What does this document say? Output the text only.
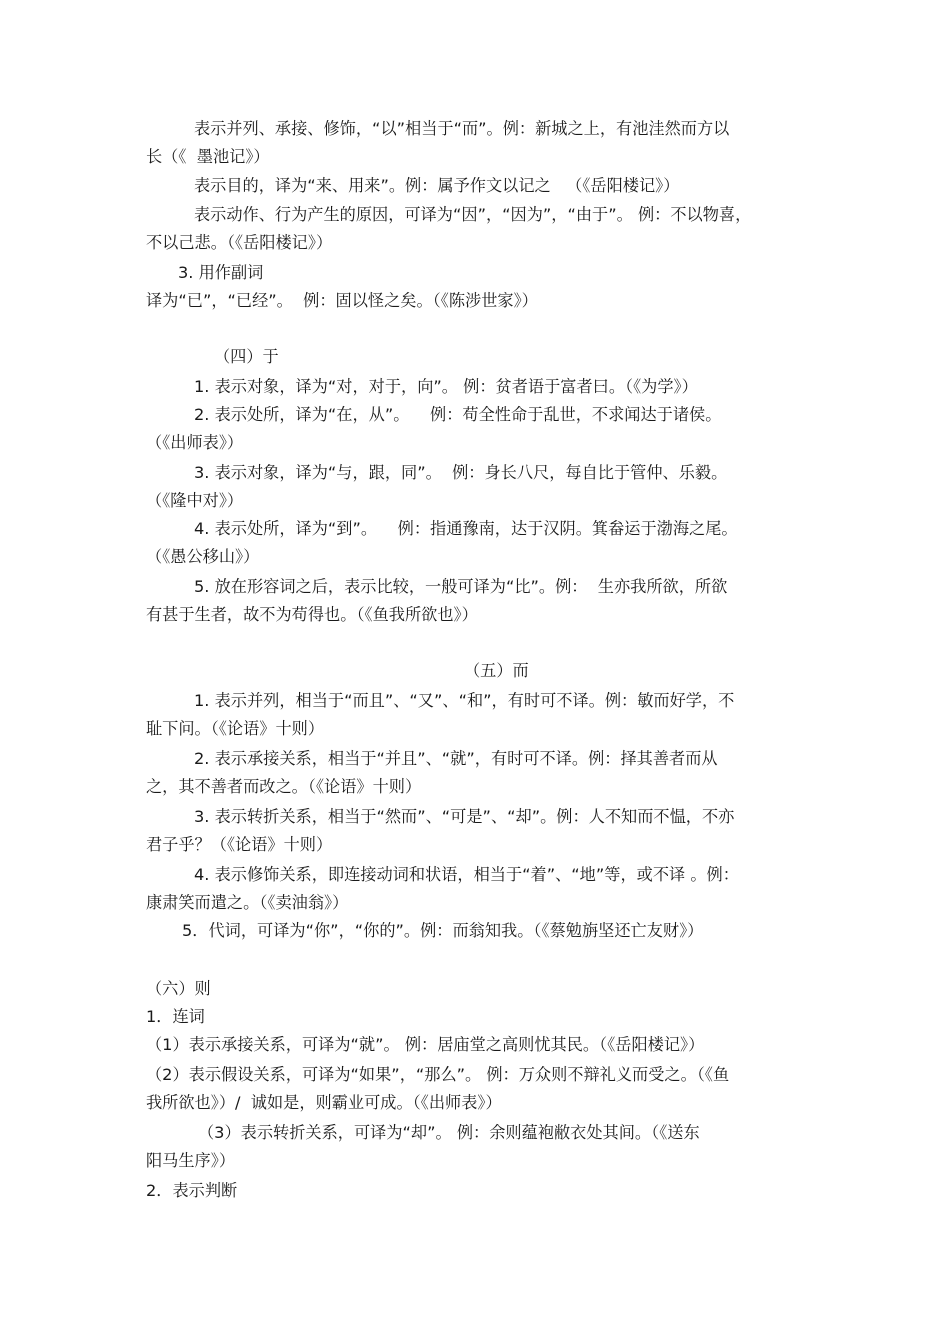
表示并列、承接、修饰，“以”相当于“而”。例：新城之上，有池洼然而方以

长（《  墨池记》）

表示目的，译为“来、用来”。例：属予作文以记之   （《岳阳楼记》）

表示动作、行为产生的原因，可译为“因”，“因为”，“由于”。 例：不以物喜，

不以己悲。（《岳阳楼记》）

3. 用作副词

译为“已”，“已经”。  例：固以怪之矣。（《陈涉世家》）

（四）于

1. 表示对象，译为“对，对于，向”。 例：贫者语于富者曰。（《为学》）

2. 表示处所，译为“在，从”。    例：苟全性命于乱世，不求闻达于诸侯。

（《出师表》）

3. 表示对象，译为“与，跟，同”。  例：身长八尺，每自比于管仲、乐毅。

（《隆中对》）

4. 表示处所，译为“到”。    例：指通豫南，达于汉阴。箕畚运于渤海之尾。

（《愚公移山》）

5. 放在形容词之后，表示比较，一般可译为“比”。例：  生亦我所欲，所欲

有甚于生者，故不为苟得也。（《鱼我所欲也》）

（五）而

1. 表示并列，相当于“而且”、“又”、“和”，有时可不译。例：敏而好学，不

耻下问。（《论语》十则）

2. 表示承接关系，相当于“并且”、“就”，有时可不译。例：择其善者而从

之，其不善者而改之。（《论语》十则）

3. 表示转折关系，相当于“然而”、“可是”、“却”。例：人不知而不愠，不亦

君子乎？（《论语》十则）

4. 表示修饰关系，即连接动词和状语，相当于“着”、“地”等，或不译 。例：

康肃笑而遣之。（《卖油翁》）

5．代词，可译为“你”，“你的”。例：而翁知我。（《蔡勉旃坚还亡友财》）

（六）则

1．连词

（1）表示承接关系，可译为“就”。 例：居庙堂之高则忧其民。（《岳阳楼记》）

（2）表示假设关系，可译为“如果”，“那么”。 例：万众则不辩礼义而受之。（《鱼

我所欲也》）/  诚如是，则霸业可成。（《出师表》）

（3）表示转折关系，可译为“却”。 例：余则蕴袍敝衣处其间。（《送东

阳马生序》）

2．表示判断
